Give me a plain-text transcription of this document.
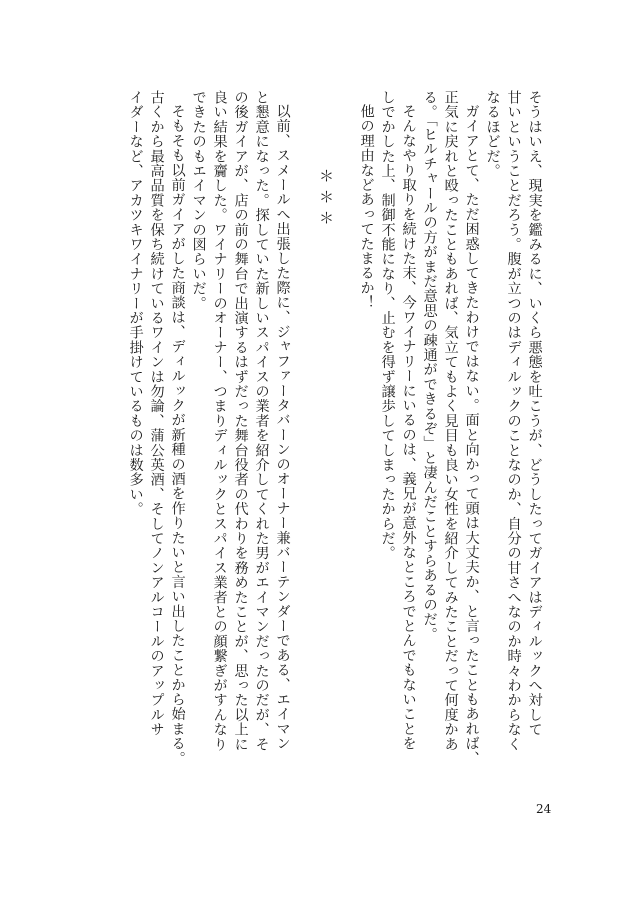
そうはいえ、現実を鑑みるに、いくら悪態を吐こうが、どうしたってガイアはディルックへ対して
甘いということだろう。腹が立つのはディルックのことなのか、自分の甘さへなのか時々わからなく
なるほどだ。
ガイアとて、ただ困惑してきたわけではない。面と向かって頭は大丈夫か、と言ったこともあれば、
正気に戻れと殴ったこともあれば、気立てもよく見目も良い女性を紹介してみたことだって何度かあ
る。「ヒルチャールの方がまだ意思の疎通ができるぞ」と凄んだことすらあるのだ。
そんなやり取りを続けた末、今ワイナリーにいるのは、義兄が意外なところでとんでもないことを
しでかした上、制御不能になり、止むを得ず譲歩してしまったからだ。
他の理由などあってたまるか！
＊＊＊
以前、スメールへ出張した際に、ジャファータバーンのオーナー兼バーテンダーである、エイマン
と懇意になった。探していた新しいスパイスの業者を紹介してくれた男がエイマンだったのだが、そ
の後ガイアが、店の前の舞台で出演するはずだった舞台役者の代わりを務めたことが、思った以上に
良い結果を齎した。ワイナリーのオーナー、つまりディルックとスパイス業者との顔繋ぎがすんなり
できたのもエイマンの図らいだ。
そもそも以前ガイアがした商談は、ディルックが新種の酒を作りたいと言い出したことから始まる。
古くから最高品質を保ち続けているワインは勿論、蒲公英酒、そしてノンアルコールのアップルサ
イダーなど、アカツキワイナリーが手掛けているものは数多い。
24
